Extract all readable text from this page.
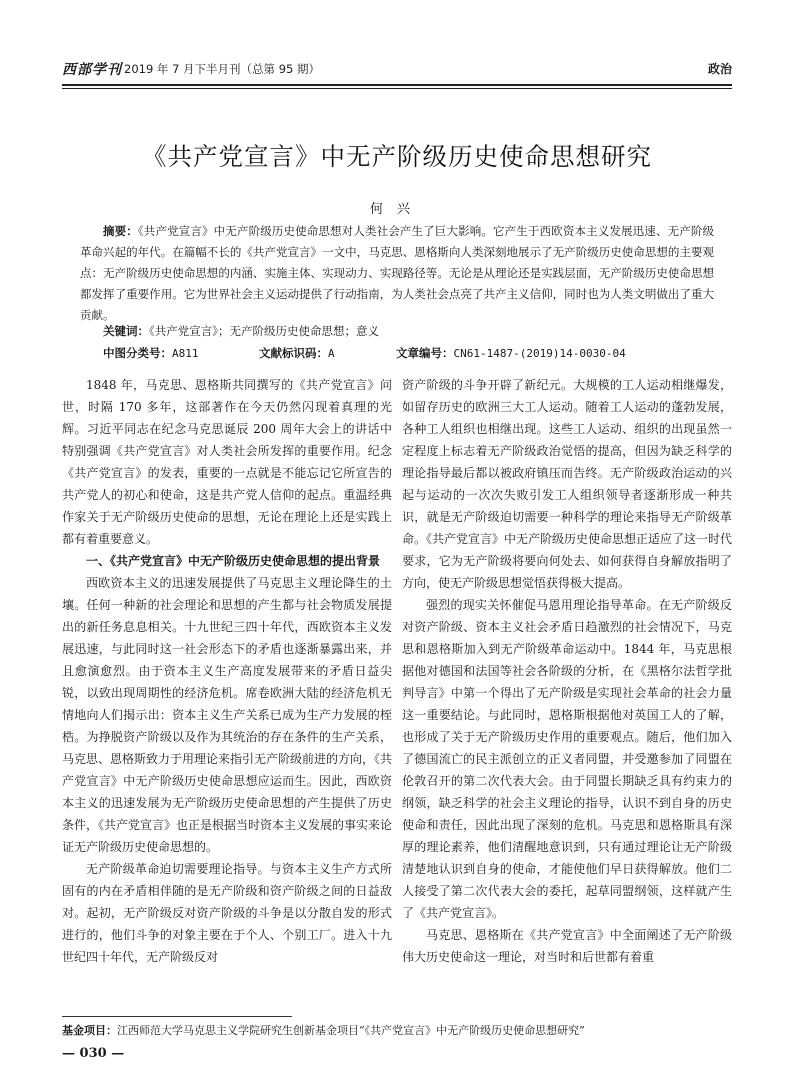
西部学刊 2019 年 7 月下半月刊（总第 95 期）	政治
《共产党宣言》中无产阶级历史使命思想研究
何兴
摘要：《共产党宣言》中无产阶级历史使命思想对人类社会产生了巨大影响。它产生于西欧资本主义发展迅速、无产阶级革命兴起的年代。在篇幅不长的《共产党宣言》一文中，马克思、恩格斯向人类深刻地展示了无产阶级历史使命思想的主要观点：无产阶级历史使命思想的内涵、实施主体、实现动力、实现路径等。无论是从理论还是实践层面，无产阶级历史使命思想都发挥了重要作用。它为世界社会主义运动提供了行动指南，为人类社会点亮了共产主义信仰，同时也为人类文明做出了重大贡献。
关键词：《共产党宣言》；无产阶级历史使命思想；意义
中图分类号：A811	文献标识码：A	文章编号：CN61-1487-(2019)14-0030-04

1848 年，马克思、恩格斯共同撰写的《共产党宣言》问世，时隔 170 多年，这部著作在今天仍然闪现着真理的光辉。习近平同志在纪念马克思诞辰 200 周年大会上的讲话中特别强调《共产党宣言》对人类社会所发挥的重要作用。纪念《共产党宣言》的发表，重要的一点就是不能忘记它所宣告的共产党人的初心和使命，这是共产党人信仰的起点。重温经典作家关于无产阶级历史使命的思想，无论在理论上还是实践上都有着重要意义。

一、《共产党宣言》中无产阶级历史使命思想的提出背景

西欧资本主义的迅速发展提供了马克思主义理论降生的土壤。任何一种新的社会理论和思想的产生都与社会物质发展提出的新任务息息相关。十九世纪三四十年代，西欧资本主义发展迅速，与此同时这一社会形态下的矛盾也逐渐暴露出来，并且愈演愈烈。由于资本主义生产高度发展带来的矛盾日益尖锐，以致出现周期性的经济危机。席卷欧洲大陆的经济危机无情地向人们揭示出：资本主义生产关系已成为生产力发展的桎梏。为挣脱资产阶级以及作为其统治的存在条件的生产关系，马克思、恩格斯致力于用理论来指引无产阶级前进的方向，《共产党宣言》中无产阶级历史使命思想应运而生。因此，西欧资本主义的迅速发展为无产阶级历史使命思想的产生提供了历史条件，《共产党宣言》也正是根据当时资本主义发展的事实来论证无产阶级历史使命思想的。

无产阶级革命迫切需要理论指导。与资本主义生产方式所固有的内在矛盾相伴随的是无产阶级和资产阶级之间的日益敌对。起初，无产阶级反对资产阶级的斗争是以分散自发的形式进行的，他们斗争的对象主要在于个人、个别工厂。进入十九世纪四十年代，无产阶级反对

资产阶级的斗争开辟了新纪元。大规模的工人运动相继爆发，如留存历史的欧洲三大工人运动。随着工人运动的蓬勃发展，各种工人组织也相继出现。这些工人运动、组织的出现虽然一定程度上标志着无产阶级政治觉悟的提高，但因为缺乏科学的理论指导最后都以被政府镇压而告终。无产阶级政治运动的兴起与运动的一次次失败引发工人组织领导者逐渐形成一种共识，就是无产阶级迫切需要一种科学的理论来指导无产阶级革命。《共产党宣言》中无产阶级历史使命思想正适应了这一时代要求，它为无产阶级将要向何处去、如何获得自身解放指明了方向，使无产阶级思想觉悟获得极大提高。

强烈的现实关怀催促马恩用理论指导革命。在无产阶级反对资产阶级、资本主义社会矛盾日趋激烈的社会情况下，马克思和恩格斯加入到无产阶级革命运动中。1844 年，马克思根据他对德国和法国等社会各阶级的分析，在《黑格尔法哲学批判导言》中第一个得出了无产阶级是实现社会革命的社会力量这一重要结论。与此同时，恩格斯根据他对英国工人的了解，也形成了关于无产阶级历史作用的重要观点。随后，他们加入了德国流亡的民主派创立的正义者同盟，并受邀参加了同盟在伦敦召开的第二次代表大会。由于同盟长期缺乏具有约束力的纲领，缺乏科学的社会主义理论的指导，认识不到自身的历史使命和责任，因此出现了深刻的危机。马克思和恩格斯具有深厚的理论素养，他们清醒地意识到，只有通过理论让无产阶级清楚地认识到自身的使命，才能使他们早日获得解放。他们二人接受了第二次代表大会的委托，起草同盟纲领，这样就产生了《共产党宣言》。

马克思、恩格斯在《共产党宣言》中全面阐述了无产阶级伟大历史使命这一理论，对当时和后世都有着重

基金项目：江西师范大学马克思主义学院研究生创新基金项目“《共产党宣言》中无产阶级历史使命思想研究”
— 030 —
